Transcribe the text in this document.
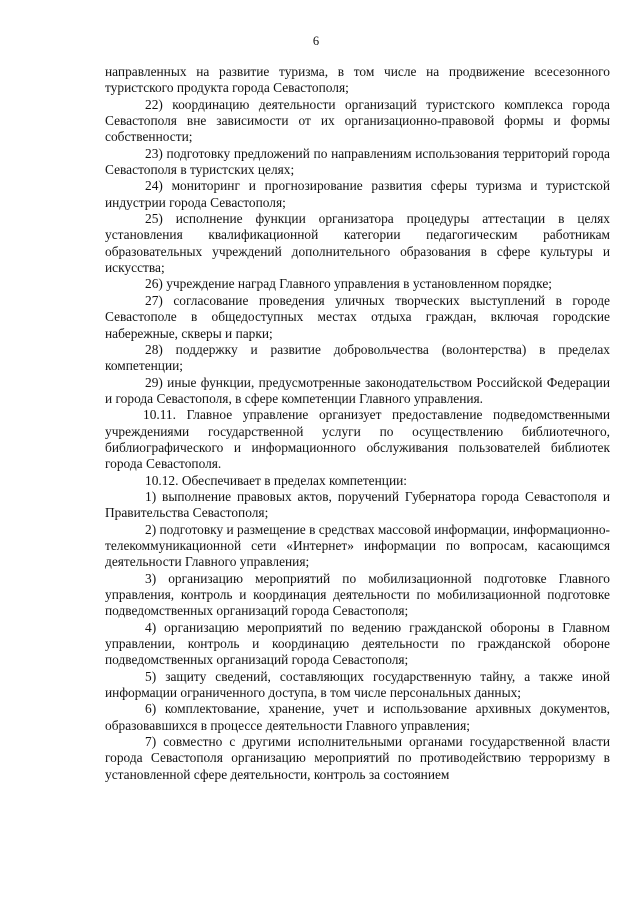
6

направленных на развитие туризма, в том числе на продвижение всесезонного туристского продукта города Севастополя;

22) координацию деятельности организаций туристского комплекса города Севастополя вне зависимости от их организационно-правовой формы и формы собственности;

23) подготовку предложений по направлениям использования территорий города Севастополя в туристских целях;

24) мониторинг и прогнозирование развития сферы туризма и туристской индустрии города Севастополя;

25) исполнение функции организатора процедуры аттестации в целях установления квалификационной категории педагогическим работникам образовательных учреждений дополнительного образования в сфере культуры и искусства;

26) учреждение наград Главного управления в установленном порядке;

27) согласование проведения уличных творческих выступлений в городе Севастополе в общедоступных местах отдыха граждан, включая городские набережные, скверы и парки;

28) поддержку и развитие добровольчества (волонтерства) в пределах компетенции;

29) иные функции, предусмотренные законодательством Российской Федерации и города Севастополя, в сфере компетенции Главного управления.

10.11. Главное управление организует предоставление подведомственными учреждениями государственной услуги по осуществлению библиотечного, библиографического и информационного обслуживания пользователей библиотек города Севастополя.

10.12. Обеспечивает в пределах компетенции:

1) выполнение правовых актов, поручений Губернатора города Севастополя и Правительства Севастополя;

2) подготовку и размещение в средствах массовой информации, информационно-телекоммуникационной сети «Интернет» информации по вопросам, касающимся деятельности Главного управления;

3) организацию мероприятий по мобилизационной подготовке Главного управления, контроль и координация деятельности по мобилизационной подготовке подведомственных организаций города Севастополя;

4) организацию мероприятий по ведению гражданской обороны в Главном управлении, контроль и координацию деятельности по гражданской обороне подведомственных организаций города Севастополя;

5) защиту сведений, составляющих государственную тайну, а также иной информации ограниченного доступа, в том числе персональных данных;

6) комплектование, хранение, учет и использование архивных документов, образовавшихся в процессе деятельности Главного управления;

7) совместно с другими исполнительными органами государственной власти города Севастополя организацию мероприятий по противодействию терроризму в установленной сфере деятельности, контроль за состоянием
